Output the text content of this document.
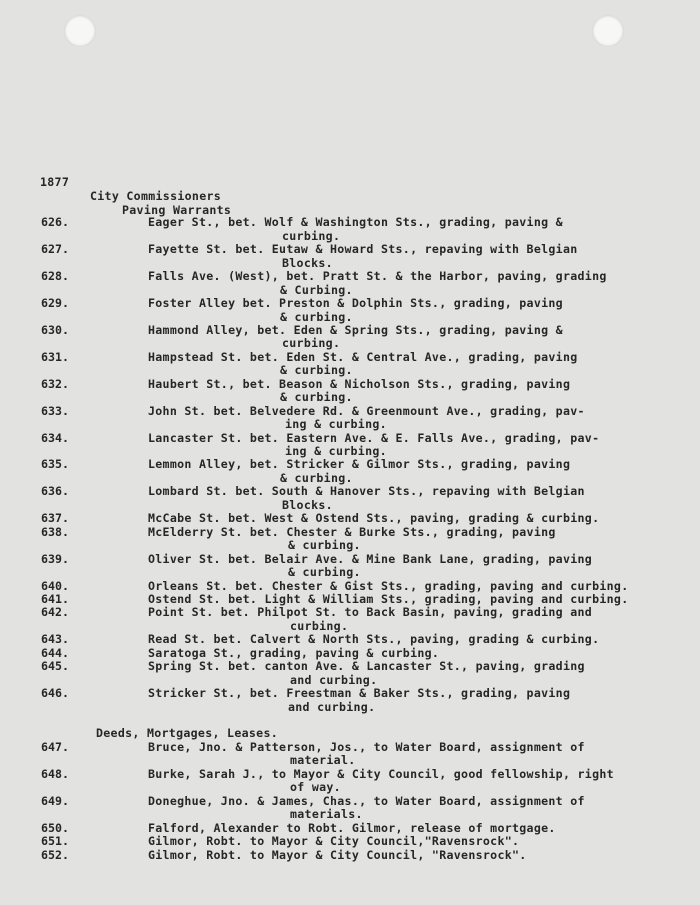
1877
City Commissioners
Paving Warrants
626.	Eager St., bet. Wolf & Washington Sts., grading, paving &
curbing.
627.	Fayette St. bet. Eutaw & Howard Sts., repaving with Belgian
Blocks.
628.	Falls Ave. (West), bet. Pratt St. & the Harbor, paving, grading
& Curbing.
629.	Foster Alley bet. Preston & Dolphin Sts., grading, paving
& curbing.
630.	Hammond Alley, bet. Eden & Spring Sts., grading, paving &
curbing.
631.	Hampstead St. bet. Eden St. & Central Ave., grading, paving
& curbing.
632.	Haubert St., bet. Beason & Nicholson Sts., grading, paving
& curbing.
633.	John St. bet. Belvedere Rd. & Greenmount Ave., grading, pav-
ing & curbing.
634.	Lancaster St. bet. Eastern Ave. & E. Falls Ave., grading, pav-
ing & curbing.
635.	Lemmon Alley, bet. Stricker & Gilmor Sts., grading, paving
& curbing.
636.	Lombard St. bet. South & Hanover Sts., repaving with Belgian
Blocks.
637.	McCabe St. bet. West & Ostend Sts., paving, grading & curbing.
638.	McElderry St. bet. Chester & Burke Sts., grading, paving
& curbing.
639.	Oliver St. bet. Belair Ave. & Mine Bank Lane, grading, paving
& curbing.
640.	Orleans St. bet. Chester & Gist Sts., grading, paving and curbing.
641.	Ostend St. bet. Light & William Sts., grading, paving and curbing.
642.	Point St. bet. Philpot St. to Back Basin, paving, grading and
curbing.
643.	Read St. bet. Calvert & North Sts., paving, grading & curbing.
644.	Saratoga St., grading, paving & curbing.
645.	Spring St. bet. canton Ave. & Lancaster St., paving, grading
and curbing.
646.	Stricker St., bet. Freestman & Baker Sts., grading, paving
and curbing.
Deeds, Mortgages, Leases.
647.	Bruce, Jno. & Patterson, Jos., to Water Board, assignment of
material.
648.	Burke, Sarah J., to Mayor & City Council, good fellowship, right
of way.
649.	Doneghue, Jno. & James, Chas., to Water Board, assignment of
materials.
650.	Falford, Alexander to Robt. Gilmor, release of mortgage.
651.	Gilmor, Robt. to Mayor & City Council,"Ravensrock".
652.	Gilmor, Robt. to Mayor & City Council, "Ravensrock".
